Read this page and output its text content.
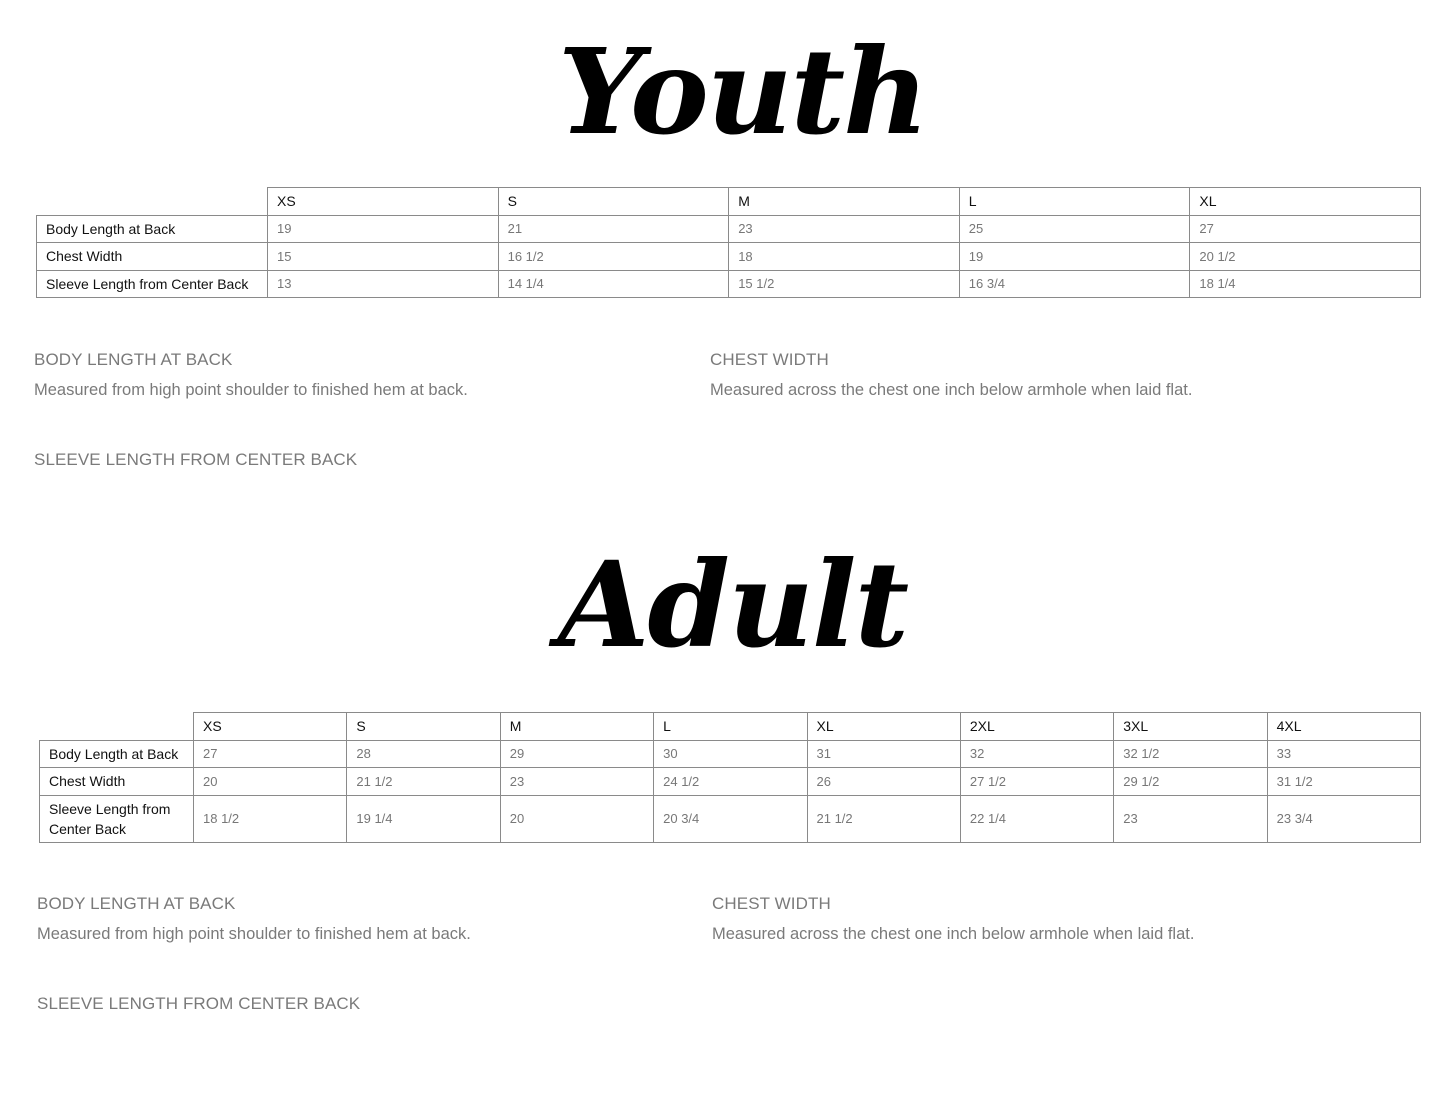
Youth
	XS	S	M	L	XL
Body Length at Back	19	21	23	25	27
Chest Width	15	16 1/2	18	19	20 1/2
Sleeve Length from Center Back	13	14 1/4	15 1/2	16 3/4	18 1/4
BODY LENGTH AT BACK
Measured from high point shoulder to finished hem at back.
CHEST WIDTH
Measured across the chest one inch below armhole when laid flat.
SLEEVE LENGTH FROM CENTER BACK
Adult
	XS	S	M	L	XL	2XL	3XL	4XL
Body Length at Back	27	28	29	30	31	32	32 1/2	33
Chest Width	20	21 1/2	23	24 1/2	26	27 1/2	29 1/2	31 1/2
Sleeve Length from Center Back	18 1/2	19 1/4	20	20 3/4	21 1/2	22 1/4	23	23 3/4
BODY LENGTH AT BACK
Measured from high point shoulder to finished hem at back.
CHEST WIDTH
Measured across the chest one inch below armhole when laid flat.
SLEEVE LENGTH FROM CENTER BACK
